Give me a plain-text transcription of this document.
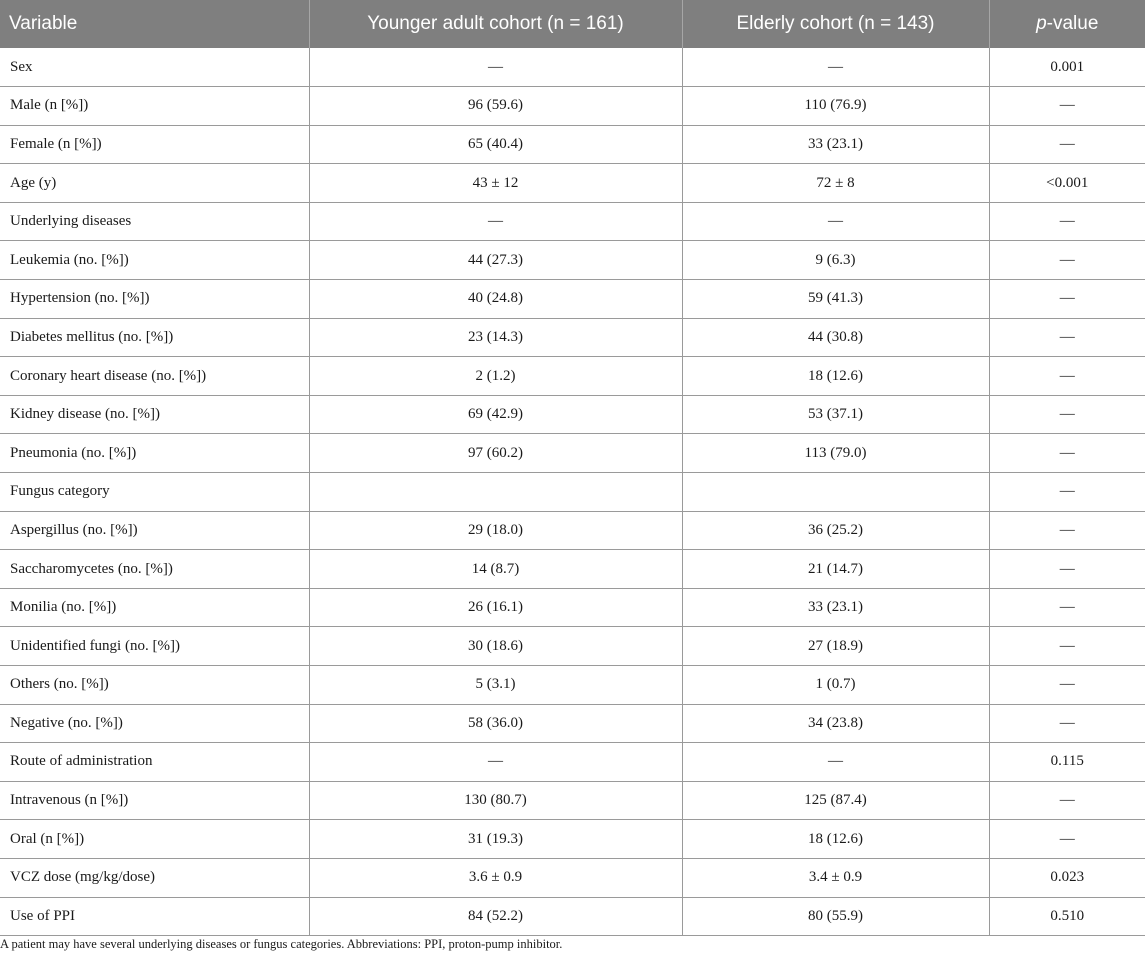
Variable	Younger adult cohort (n = 161)	Elderly cohort (n = 143)	p-value
Sex	—	—	0.001
Male (n [%])	96 (59.6)	110 (76.9)	—
Female (n [%])	65 (40.4)	33 (23.1)	—
Age (y)	43 ± 12	72 ± 8	<0.001
Underlying diseases	—	—	—
Leukemia (no. [%])	44 (27.3)	9 (6.3)	—
Hypertension (no. [%])	40 (24.8)	59 (41.3)	—
Diabetes mellitus (no. [%])	23 (14.3)	44 (30.8)	—
Coronary heart disease (no. [%])	2 (1.2)	18 (12.6)	—
Kidney disease (no. [%])	69 (42.9)	53 (37.1)	—
Pneumonia (no. [%])	97 (60.2)	113 (79.0)	—
Fungus category			—
Aspergillus (no. [%])	29 (18.0)	36 (25.2)	—
Saccharomycetes (no. [%])	14 (8.7)	21 (14.7)	—
Monilia (no. [%])	26 (16.1)	33 (23.1)	—
Unidentified fungi (no. [%])	30 (18.6)	27 (18.9)	—
Others (no. [%])	5 (3.1)	1 (0.7)	—
Negative (no. [%])	58 (36.0)	34 (23.8)	—
Route of administration	—	—	0.115
Intravenous (n [%])	130 (80.7)	125 (87.4)	—
Oral (n [%])	31 (19.3)	18 (12.6)	—
VCZ dose (mg/kg/dose)	3.6 ± 0.9	3.4 ± 0.9	0.023
Use of PPI	84 (52.2)	80 (55.9)	0.510
A patient may have several underlying diseases or fungus categories. Abbreviations: PPI, proton-pump inhibitor.
